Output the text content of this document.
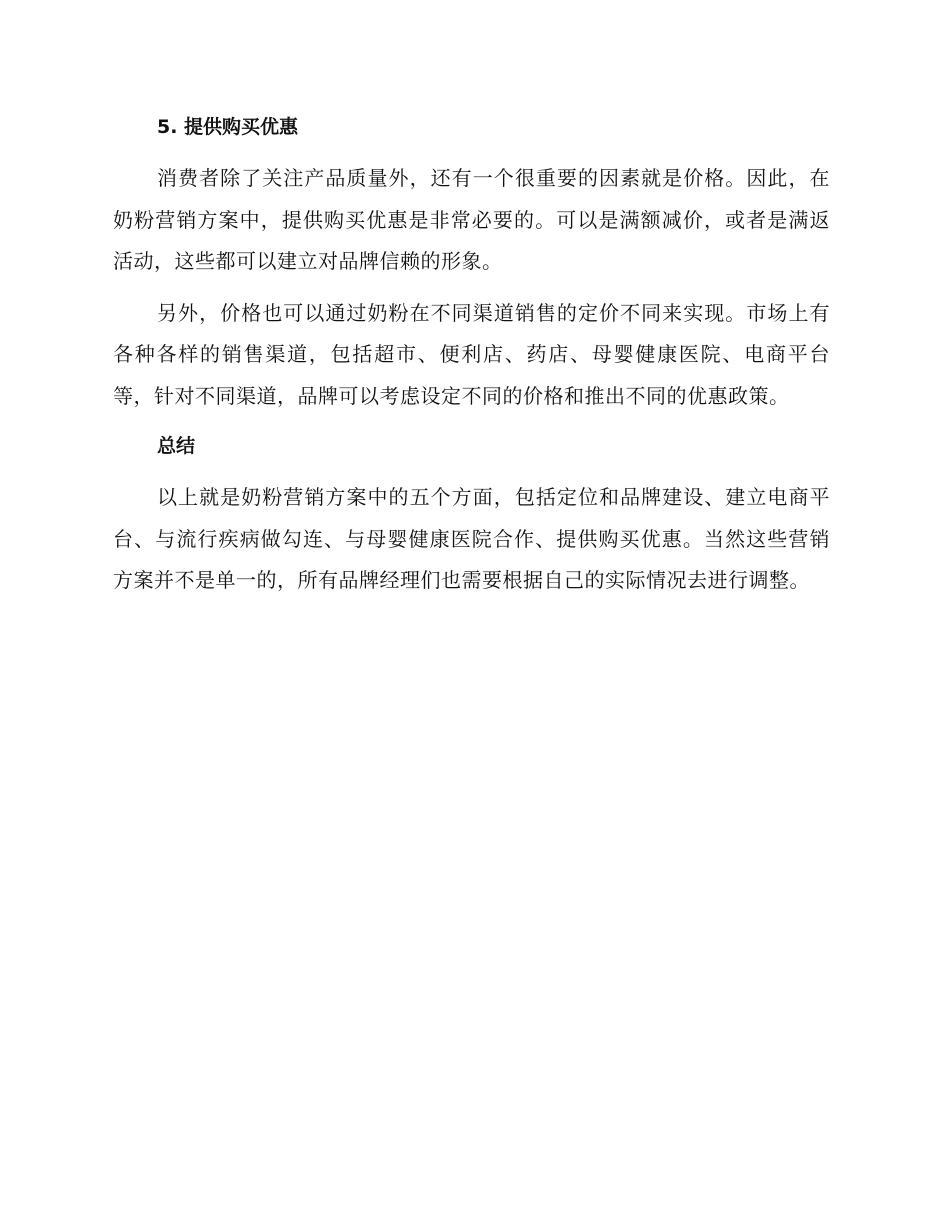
5. 提供购买优惠

消费者除了关注产品质量外，还有一个很重要的因素就是价格。因此，在奶粉营销方案中，提供购买优惠是非常必要的。可以是满额减价，或者是满返活动，这些都可以建立对品牌信赖的形象。

另外，价格也可以通过奶粉在不同渠道销售的定价不同来实现。市场上有各种各样的销售渠道，包括超市、便利店、药店、母婴健康医院、电商平台等，针对不同渠道，品牌可以考虑设定不同的价格和推出不同的优惠政策。

总结

以上就是奶粉营销方案中的五个方面，包括定位和品牌建设、建立电商平台、与流行疾病做勾连、与母婴健康医院合作、提供购买优惠。当然这些营销方案并不是单一的，所有品牌经理们也需要根据自己的实际情况去进行调整。
